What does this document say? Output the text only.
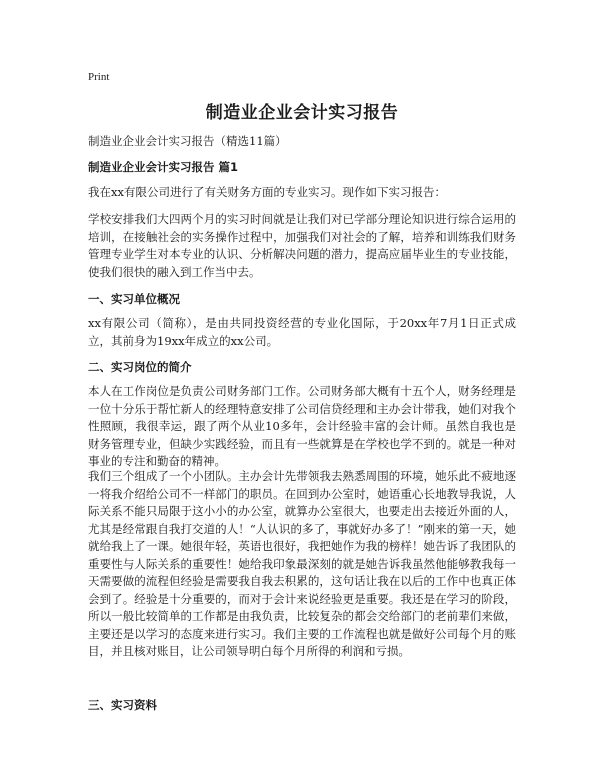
Print
制造业企业会计实习报告
制造业企业会计实习报告（精选11篇）
制造业企业会计实习报告 篇1
我在xx有限公司进行了有关财务方面的专业实习。现作如下实习报告：
学校安排我们大四两个月的实习时间就是让我们对已学部分理论知识进行综合运用的培训，在接触社会的实务操作过程中，加强我们对社会的了解，培养和训练我们财务管理专业学生对本专业的认识、分析解决问题的潜力，提高应届毕业生的专业技能，使我们很快的融入到工作当中去。
一、实习单位概况
xx有限公司（简称），是由共同投资经营的专业化国际，于20xx年7月1日正式成立，其前身为19xx年成立的xx公司。
二、实习岗位的简介
本人在工作岗位是负责公司财务部门工作。公司财务部大概有十五个人，财务经理是一位十分乐于帮忙新人的经理特意安排了公司信贷经理和主办会计带我，她们对我个性照顾，我很幸运，跟了两个从业10多年，会计经验丰富的会计师。虽然自我也是财务管理专业，但缺少实践经验，而且有一些就算是在学校也学不到的。就是一种对事业的专注和勤奋的精神。
我们三个组成了一个小团队。主办会计先带领我去熟悉周围的环境，她乐此不疲地逐一将我介绍给公司不一样部门的职员。在回到办公室时，她语重心长地教导我说，人际关系不能只局限于这小小的办公室，就算办公室很大，也要走出去接近外面的人，尤其是经常跟自我打交道的人！“人认识的多了，事就好办多了！”刚来的第一天，她就给我上了一课。她很年轻，英语也很好，我把她作为我的榜样！她告诉了我团队的重要性与人际关系的重要性！她给我印象最深刻的就是她告诉我虽然他能够教我每一天需要做的流程但经验是需要我自我去积累的，这句话让我在以后的工作中也真正体会到了。经验是十分重要的，而对于会计来说经验更是重要。我还是在学习的阶段，所以一般比较简单的工作都是由我负责，比较复杂的都会交给部门的老前辈们来做，主要还是以学习的态度来进行实习。我们主要的工作流程也就是做好公司每个月的账目，并且核对账目，让公司领导明白每个月所得的利润和亏损。
三、实习资料
